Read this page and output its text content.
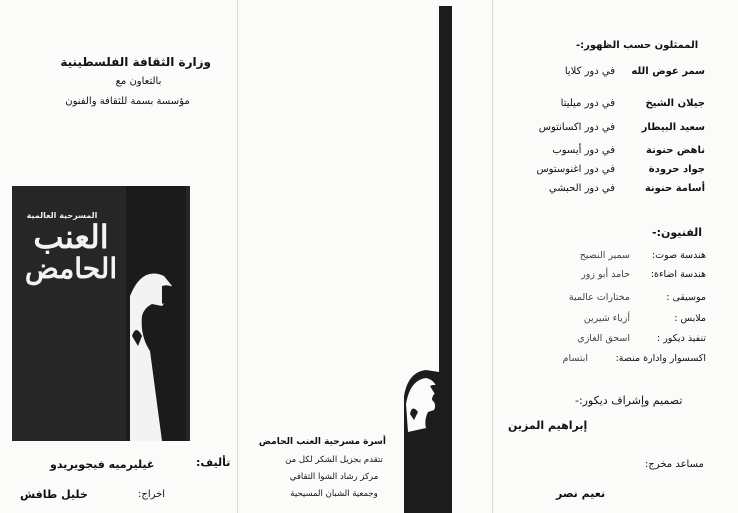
وزارة الثقافة الفلسطينية
بالتعاون مع
مؤسسة بسمة للثقافة والفنون
المسرحية العالمية
العنب
الحامض
تأليف:
غيليرميه فيجويريدو
اخراج:
خليل طافش
أسرة مسرحية العنب الحامض
تتقدم بجزيل الشكر لكل من
مركز رشاد الشوا الثقافي
وجمعية الشبان المسيحية
الممثلون حسب الظهور:-
سمر عوض الله
في دور كلايا
جيلان الشيخ
في دور ميليتا
سعيد البيطار
في دور اكسانتوس
ناهض حنونة
في دور أيسوب
جواد حرودة
في دور اغنوستوس
أسامة حنونة
في دور الحبشي
الفنيون:-
هندسة صوت:
سمير النصيح
هندسة اضاءة:
حامد أبو زور
موسيقى :
مختارات عالمية
ملابس :
أزياء شيرين
تنفيذ ديكور :
اسحق الغازي
اكسسوار وادارة منصة:
ابتسام
تصميم وإشراف ديكور:-
إبراهيم المزين
مساعد مخرج:
نعيم نصر
